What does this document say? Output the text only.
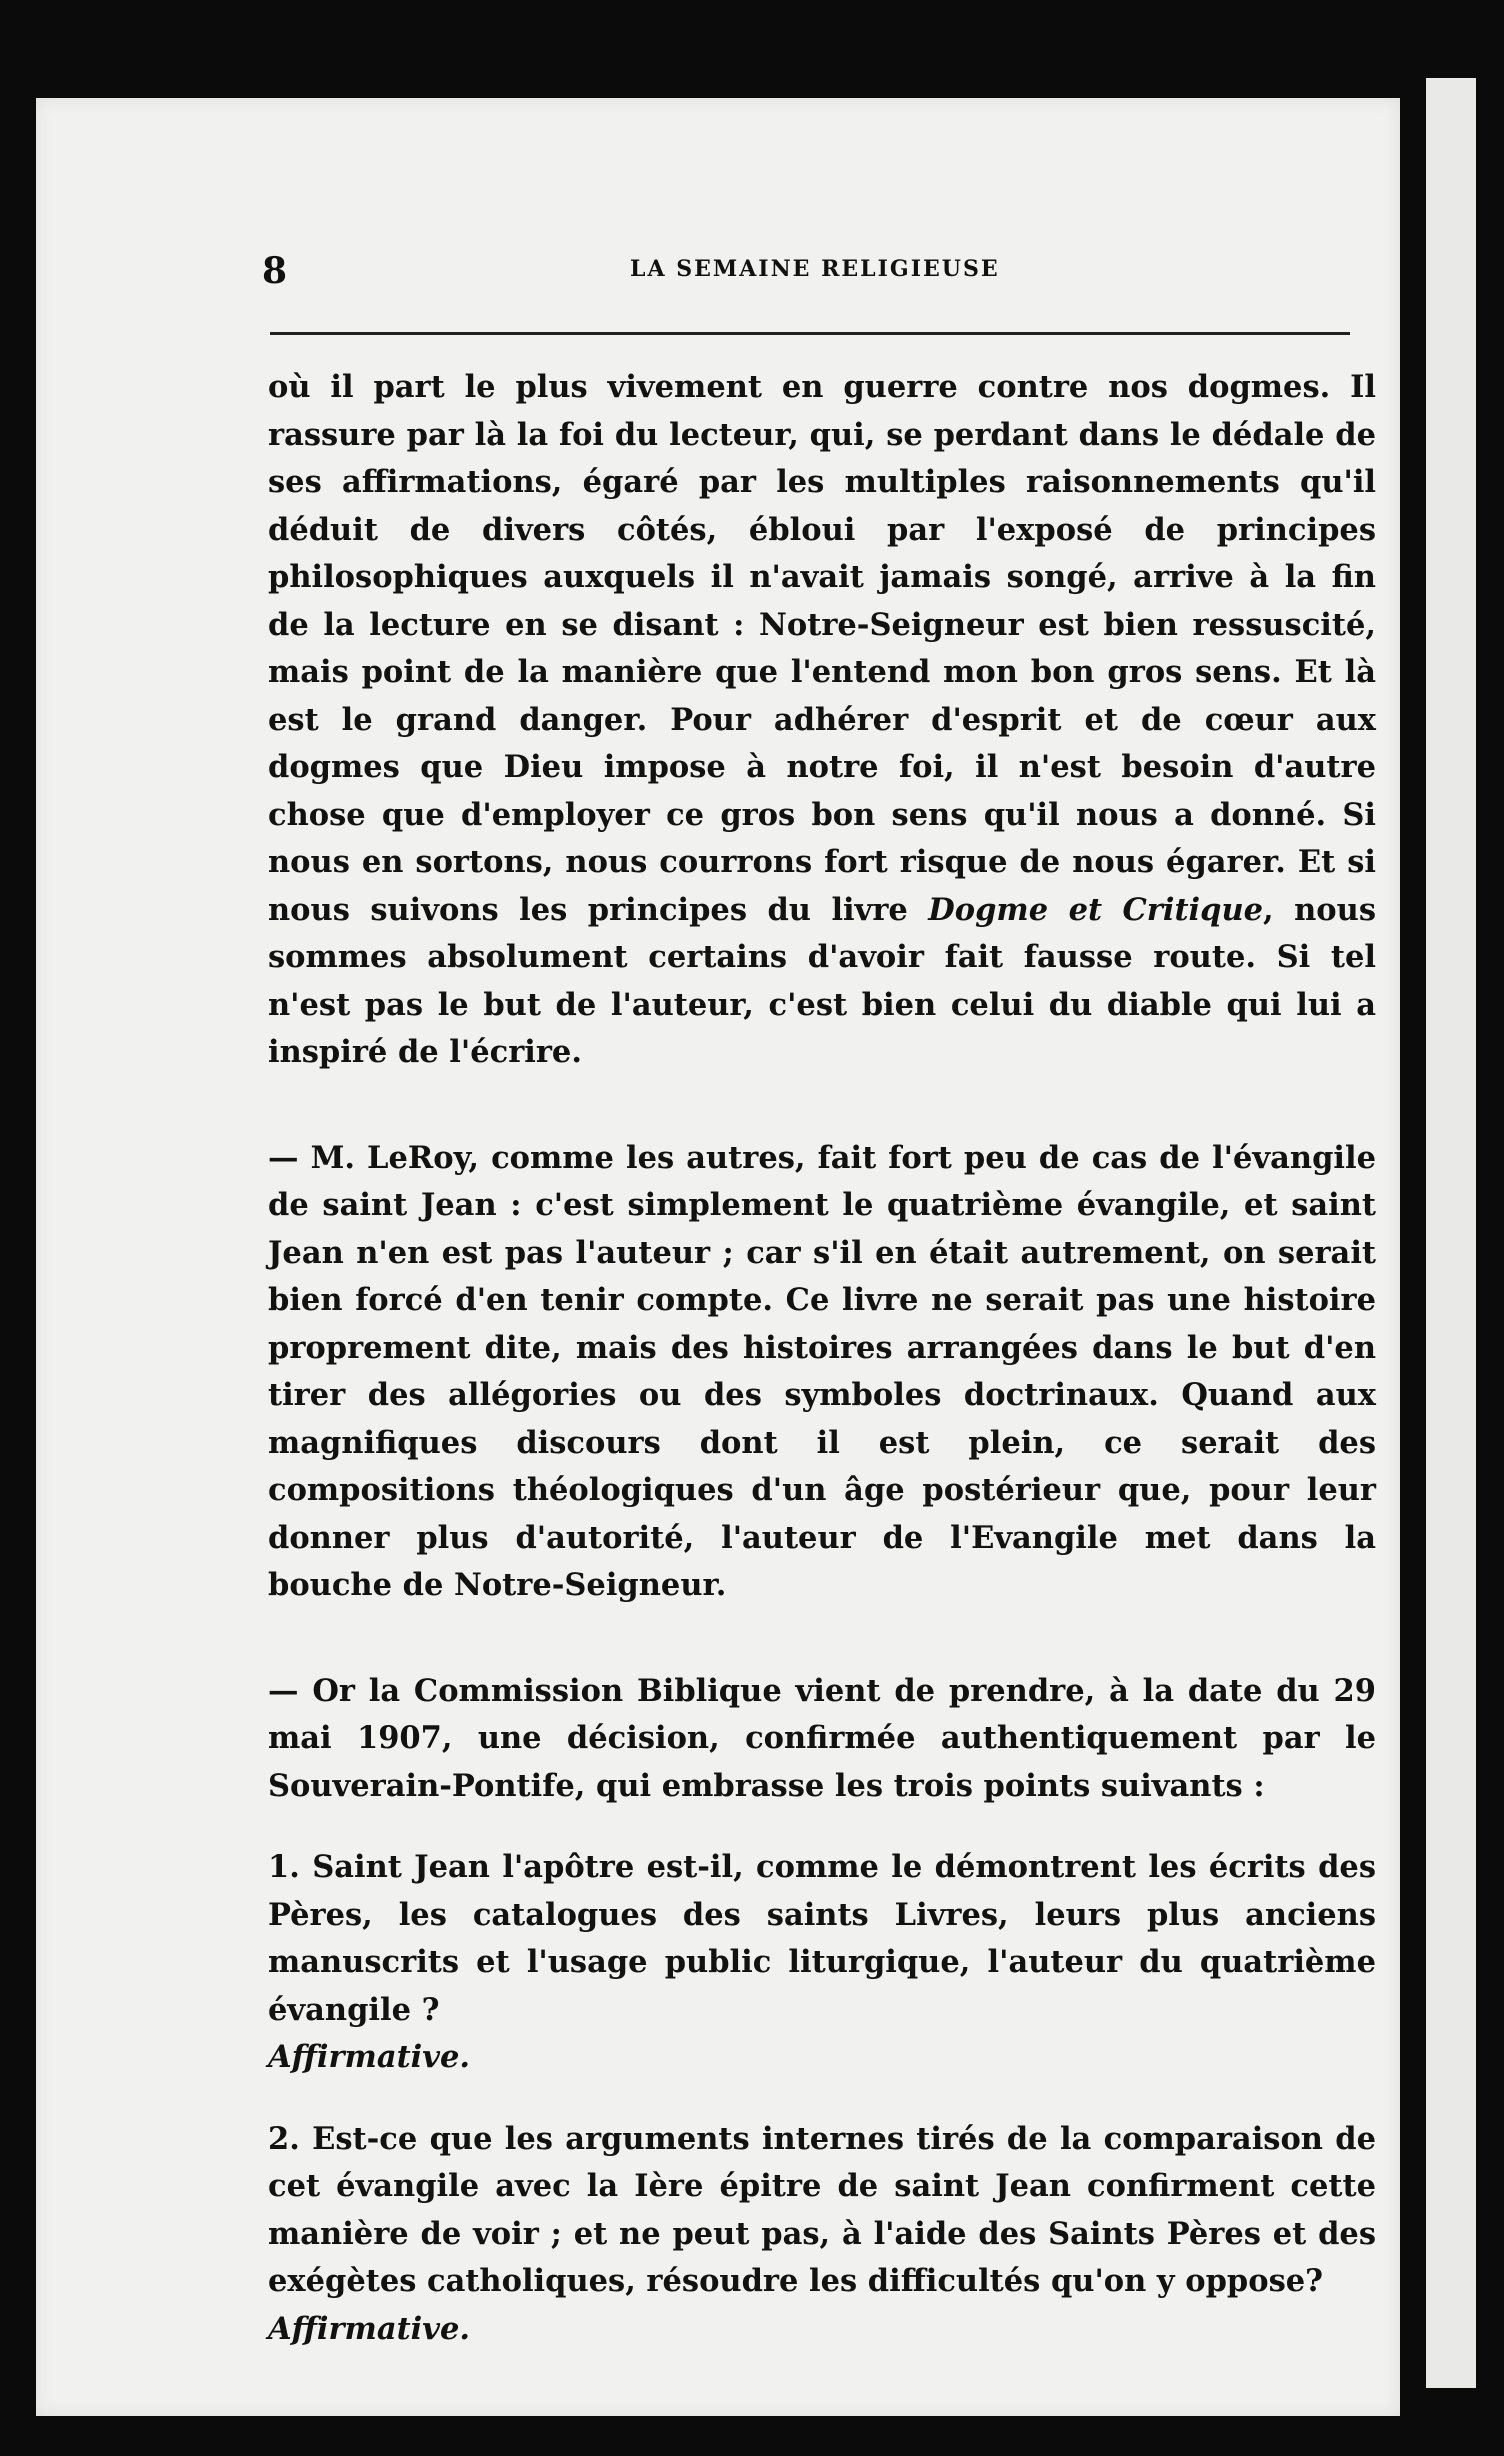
8	LA SEMAINE RELIGIEUSE

où il part le plus vivement en guerre contre nos dogmes. Il rassure par là la foi du lecteur, qui, se perdant dans le dédale de ses affirmations, égaré par les multiples raisonnements qu'il déduit de divers côtés, ébloui par l'exposé de principes philosophiques auxquels il n'avait jamais songé, arrive à la fin de la lecture en se disant : Notre-Seigneur est bien ressuscité, mais point de la manière que l'entend mon bon gros sens. Et là est le grand danger. Pour adhérer d'esprit et de cœur aux dogmes que Dieu impose à notre foi, il n'est besoin d'autre chose que d'employer ce gros bon sens qu'il nous a donné. Si nous en sortons, nous courrons fort risque de nous égarer. Et si nous suivons les principes du livre Dogme et Critique, nous sommes absolument certains d'avoir fait fausse route. Si tel n'est pas le but de l'auteur, c'est bien celui du diable qui lui a inspiré de l'écrire.

— M. LeRoy, comme les autres, fait fort peu de cas de l'évangile de saint Jean : c'est simplement le quatrième évangile, et saint Jean n'en est pas l'auteur ; car s'il en était autrement, on serait bien forcé d'en tenir compte. Ce livre ne serait pas une histoire proprement dite, mais des histoires arrangées dans le but d'en tirer des allégories ou des symboles doctrinaux. Quand aux magnifiques discours dont il est plein, ce serait des compositions théologiques d'un âge postérieur que, pour leur donner plus d'autorité, l'auteur de l'Evangile met dans la bouche de Notre-Seigneur.

— Or la Commission Biblique vient de prendre, à la date du 29 mai 1907, une décision, confirmée authentiquement par le Souverain-Pontife, qui embrasse les trois points suivants :

1. Saint Jean l'apôtre est-il, comme le démontrent les écrits des Pères, les catalogues des saints Livres, leurs plus anciens manuscrits et l'usage public liturgique, l'auteur du quatrième évangile ?
Affirmative.

2. Est-ce que les arguments internes tirés de la comparaison de cet évangile avec la Ière épitre de saint Jean confirment cette manière de voir ; et ne peut pas, à l'aide des Saints Pères et des exégètes catholiques, résoudre les difficultés qu'on y oppose?
Affirmative.
